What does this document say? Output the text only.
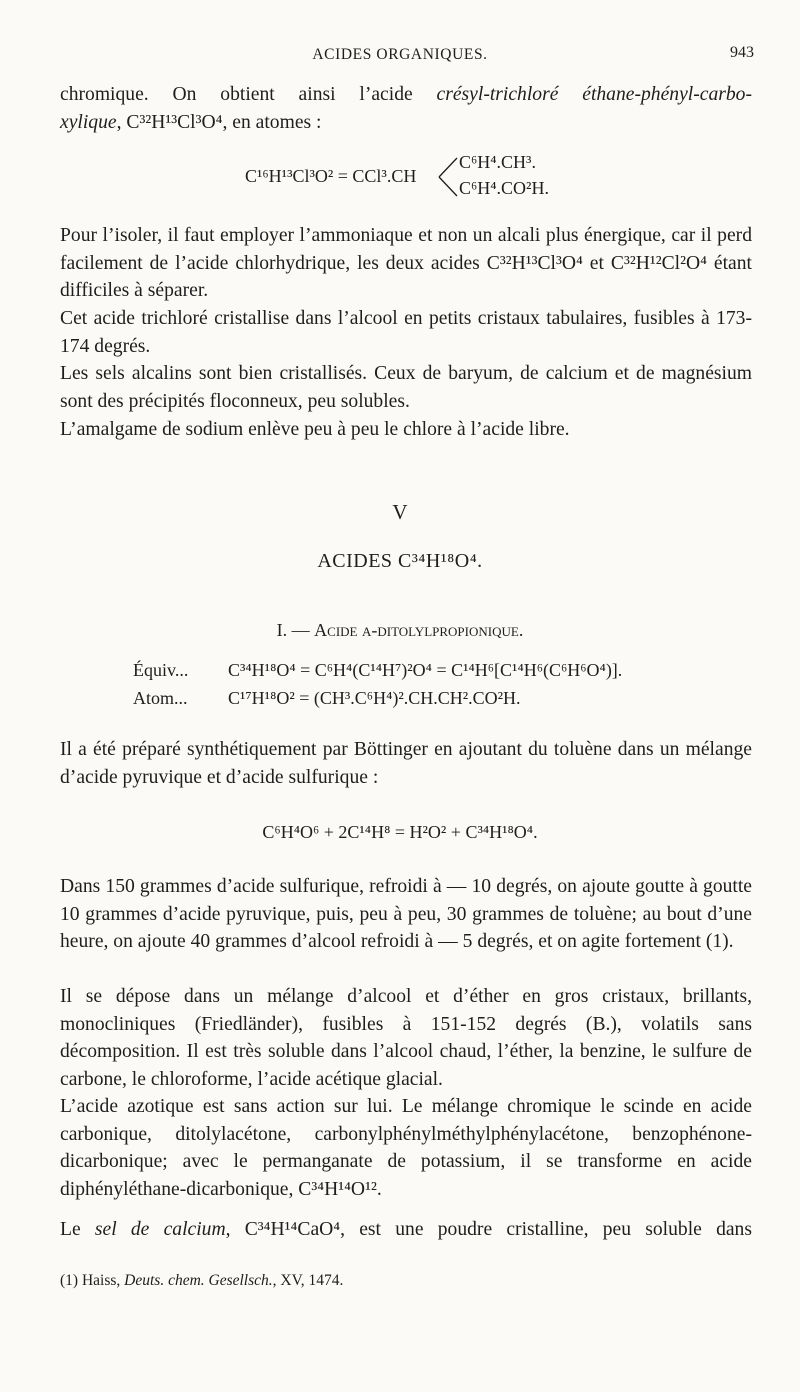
ACIDES ORGANIQUES.	943
chromique. On obtient ainsi l’acide crésyl-trichloré éthane-phényl-carbo-
xylique, C³²H¹³Cl³O⁴, en atomes :
C¹⁶H¹³Cl³O² = CCl³.CH
C⁶H⁴.CH³.
C⁶H⁴.CO²H.

Pour l’isoler, il faut employer l’ammoniaque et non un alcali plus énergique, car il perd facilement de l’acide chlorhydrique, les deux acides C³²H¹³Cl³O⁴ et C³²H¹²Cl²O⁴ étant difficiles à séparer.

Cet acide trichloré cristallise dans l’alcool en petits cristaux tabulaires, fusibles à 173-174 degrés.

Les sels alcalins sont bien cristallisés. Ceux de baryum, de calcium et de magnésium sont des précipités floconneux, peu solubles.

L’amalgame de sodium enlève peu à peu le chlore à l’acide libre.

V
ACIDES C³⁴H¹⁸O⁴.
I. — Acide α-ditolylpropionique.
Équiv... C³⁴H¹⁸O⁴ = C⁶H⁴(C¹⁴H⁷)²O⁴ = C¹⁴H⁶[C¹⁴H⁶(C⁶H⁶O⁴)].
Atom... C¹⁷H¹⁸O² = (CH³.C⁶H⁴)².CH.CH².CO²H.

Il a été préparé synthétiquement par Böttinger en ajoutant du toluène dans un mélange d’acide pyruvique et d’acide sulfurique :

C⁶H⁴O⁶ + 2C¹⁴H⁸ = H²O² + C³⁴H¹⁸O⁴.

Dans 150 grammes d’acide sulfurique, refroidi à — 10 degrés, on ajoute goutte à goutte 10 grammes d’acide pyruvique, puis, peu à peu, 30 grammes de toluène; au bout d’une heure, on ajoute 40 grammes d’alcool refroidi à — 5 degrés, et on agite fortement (1).

Il se dépose dans un mélange d’alcool et d’éther en gros cristaux, brillants, monocliniques (Friedländer), fusibles à 151-152 degrés (B.), volatils sans décomposition. Il est très soluble dans l’alcool chaud, l’éther, la benzine, le sulfure de carbone, le chloroforme, l’acide acétique glacial.

L’acide azotique est sans action sur lui. Le mélange chromique le scinde en acide carbonique, ditolylacétone, carbonylphénylméthylphénylacétone, benzophénone-dicarbonique; avec le permanganate de potassium, il se transforme en acide diphényléthane-dicarbonique, C³⁴H¹⁴O¹².

Le sel de calcium, C³⁴H¹⁴CaO⁴, est une poudre cristalline, peu soluble dans

(1) Haiss, Deuts. chem. Gesellsch., XV, 1474.
